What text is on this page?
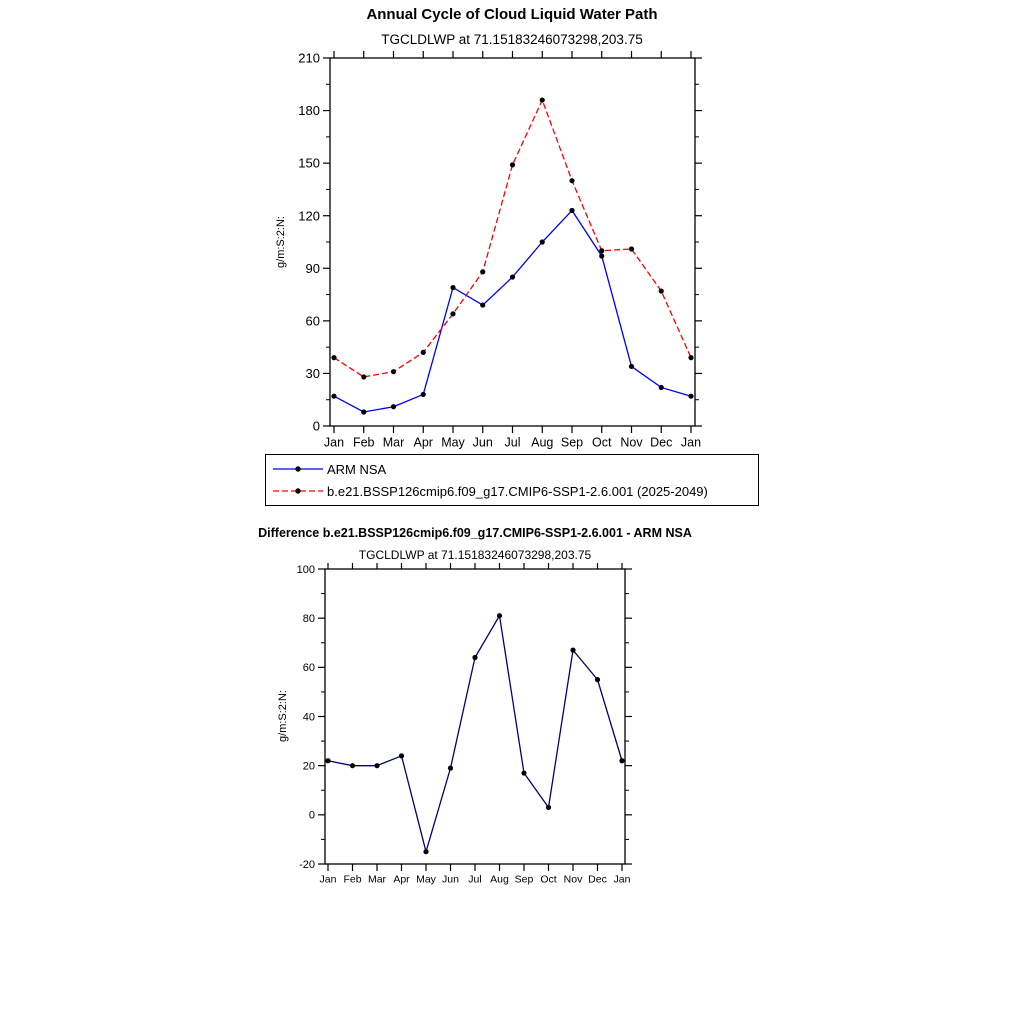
Annual Cycle of Cloud Liquid Water Path
TGCLDLWP at 71.15183246073298,203.75
0
30
60
90
120
150
180
210
Jan Feb Mar Apr May Jun Jul Aug Sep Oct Nov Dec Jan
g/m:S:2:N:
ARM NSA
b.e21.BSSP126cmip6.f09_g17.CMIP6-SSP1-2.6.001 (2025-2049)
Difference b.e21.BSSP126cmip6.f09_g17.CMIP6-SSP1-2.6.001 - ARM NSA
TGCLDLWP at 71.15183246073298,203.75
-20
0
20
40
60
80
100
Jan Feb Mar Apr May Jun Jul Aug Sep Oct Nov Dec Jan
g/m:S:2:N:
